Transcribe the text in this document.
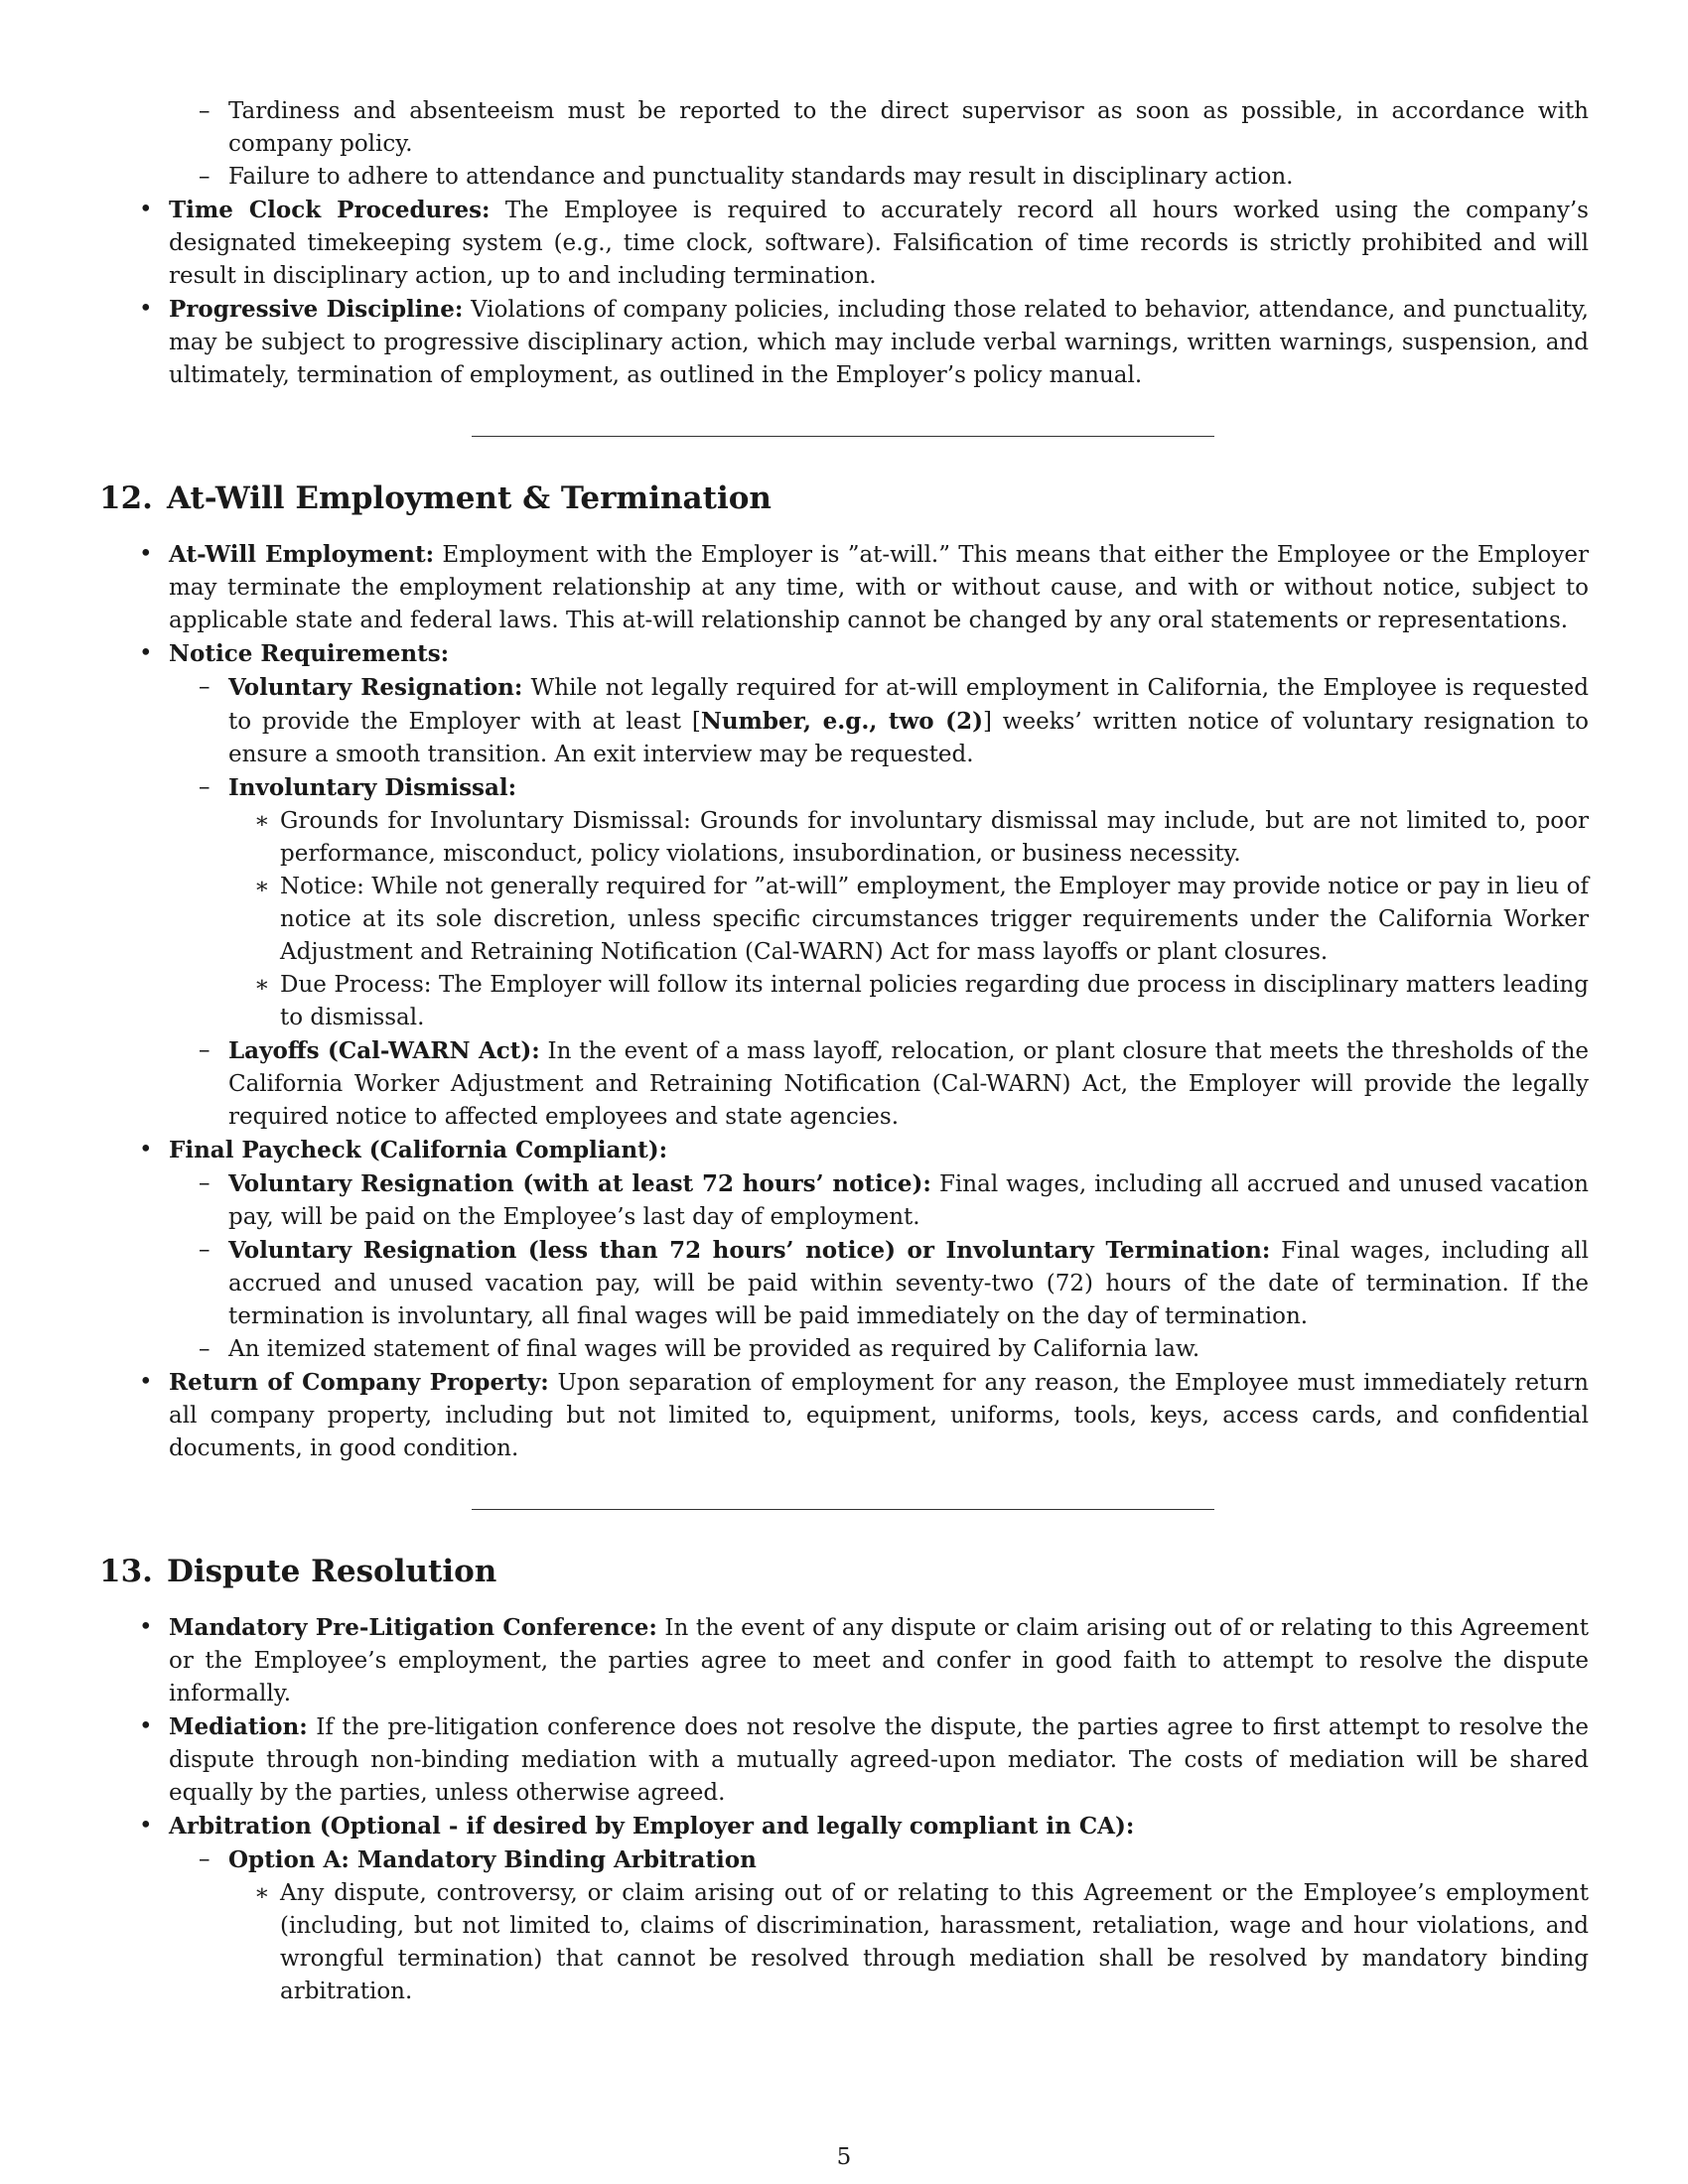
– Tardiness and absenteeism must be reported to the direct supervisor as soon as possible, in accordance with company policy.
– Failure to adhere to attendance and punctuality standards may result in disciplinary action.
• Time Clock Procedures: The Employee is required to accurately record all hours worked using the company’s designated timekeeping system (e.g., time clock, software). Falsification of time records is strictly prohibited and will result in disciplinary action, up to and including termination.
• Progressive Discipline: Violations of company policies, including those related to behavior, attendance, and punctuality, may be subject to progressive disciplinary action, which may include verbal warnings, written warnings, suspension, and ultimately, termination of employment, as outlined in the Employer’s policy manual.
12. At-Will Employment & Termination
• At-Will Employment: Employment with the Employer is ”at-will.” This means that either the Employee or the Employer may terminate the employment relationship at any time, with or without cause, and with or without notice, subject to applicable state and federal laws. This at-will relationship cannot be changed by any oral statements or representations.
• Notice Requirements:
– Voluntary Resignation: While not legally required for at-will employment in California, the Employee is requested to provide the Employer with at least [Number, e.g., two (2)] weeks’ written notice of voluntary resignation to ensure a smooth transition. An exit interview may be requested.
– Involuntary Dismissal:
∗ Grounds for Involuntary Dismissal: Grounds for involuntary dismissal may include, but are not limited to, poor performance, misconduct, policy violations, insubordination, or business necessity.
∗ Notice: While not generally required for ”at-will” employment, the Employer may provide notice or pay in lieu of notice at its sole discretion, unless specific circumstances trigger requirements under the California Worker Adjustment and Retraining Notification (Cal-WARN) Act for mass layoffs or plant closures.
∗ Due Process: The Employer will follow its internal policies regarding due process in disciplinary matters leading to dismissal.
– Layoffs (Cal-WARN Act): In the event of a mass layoff, relocation, or plant closure that meets the thresholds of the California Worker Adjustment and Retraining Notification (Cal-WARN) Act, the Employer will provide the legally required notice to affected employees and state agencies.
• Final Paycheck (California Compliant):
– Voluntary Resignation (with at least 72 hours’ notice): Final wages, including all accrued and unused vacation pay, will be paid on the Employee’s last day of employment.
– Voluntary Resignation (less than 72 hours’ notice) or Involuntary Termination: Final wages, including all accrued and unused vacation pay, will be paid within seventy-two (72) hours of the date of termination. If the termination is involuntary, all final wages will be paid immediately on the day of termination.
– An itemized statement of final wages will be provided as required by California law.
• Return of Company Property: Upon separation of employment for any reason, the Employee must immediately return all company property, including but not limited to, equipment, uniforms, tools, keys, access cards, and confidential documents, in good condition.
13. Dispute Resolution
• Mandatory Pre-Litigation Conference: In the event of any dispute or claim arising out of or relating to this Agreement or the Employee’s employment, the parties agree to meet and confer in good faith to attempt to resolve the dispute informally.
• Mediation: If the pre-litigation conference does not resolve the dispute, the parties agree to first attempt to resolve the dispute through non-binding mediation with a mutually agreed-upon mediator. The costs of mediation will be shared equally by the parties, unless otherwise agreed.
• Arbitration (Optional - if desired by Employer and legally compliant in CA):
– Option A: Mandatory Binding Arbitration
∗ Any dispute, controversy, or claim arising out of or relating to this Agreement or the Employee’s employment (including, but not limited to, claims of discrimination, harassment, retaliation, wage and hour violations, and wrongful termination) that cannot be resolved through mediation shall be resolved by mandatory binding arbitration.
5
